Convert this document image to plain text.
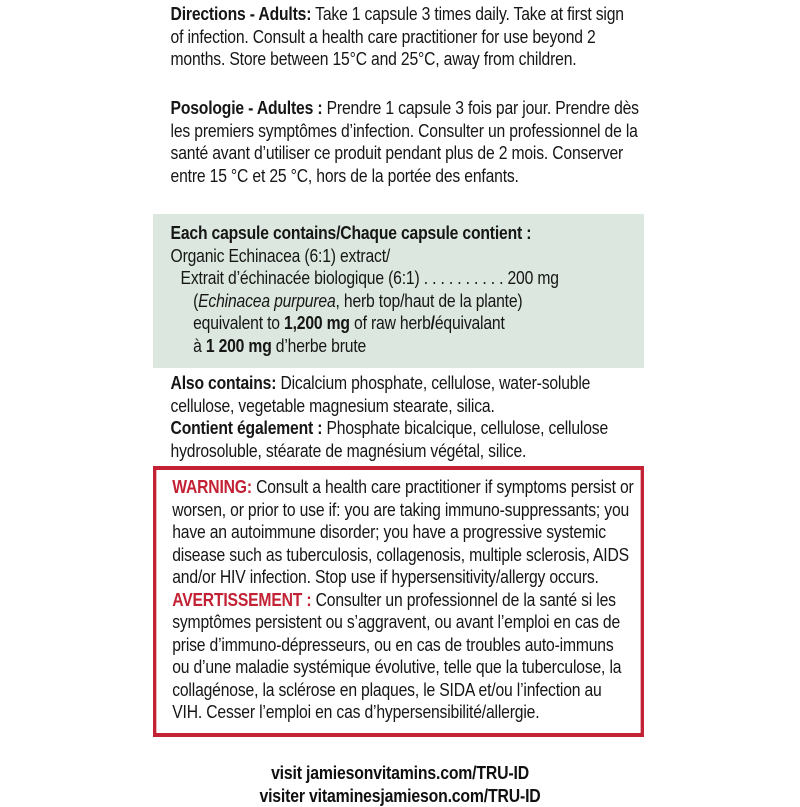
Directions - Adults: Take 1 capsule 3 times daily. Take at first sign of infection. Consult a health care practitioner for use beyond 2 months. Store between 15°C and 25°C, away from children.

Posologie - Adultes : Prendre 1 capsule 3 fois par jour. Prendre dès les premiers symptômes d’infection. Consulter un professionnel de la santé avant d’utiliser ce produit pendant plus de 2 mois. Conserver entre 15 °C et 25 °C, hors de la portée des enfants.

Each capsule contains/Chaque capsule contient :
Organic Echinacea (6:1) extract/
Extrait d’échinacée biologique (6:1) . . . . . . . . . . 200 mg
(Echinacea purpurea, herb top/haut de la plante)
equivalent to 1,200 mg of raw herb/équivalant
à 1 200 mg d’herbe brute

Also contains: Dicalcium phosphate, cellulose, water-soluble cellulose, vegetable magnesium stearate, silica.

Contient également : Phosphate bicalcique, cellulose, cellulose hydrosoluble, stéarate de magnésium végétal, silice.

WARNING: Consult a health care practitioner if symptoms persist or worsen, or prior to use if: you are taking immuno-suppressants; you have an autoimmune disorder; you have a progressive systemic disease such as tuberculosis, collagenosis, multiple sclerosis, AIDS and/or HIV infection. Stop use if hypersensitivity/allergy occurs. AVERTISSEMENT : Consulter un professionnel de la santé si les symptômes persistent ou s’aggravent, ou avant l’emploi en cas de prise d’immuno-dépresseurs, ou en cas de troubles auto-immuns ou d’une maladie systémique évolutive, telle que la tuberculose, la collagénose, la sclérose en plaques, le SIDA et/ou l’infection au VIH. Cesser l’emploi en cas d’hypersensibilité/allergie.

visit jamiesonvitamins.com/TRU-ID
visiter vitaminesjamieson.com/TRU-ID
